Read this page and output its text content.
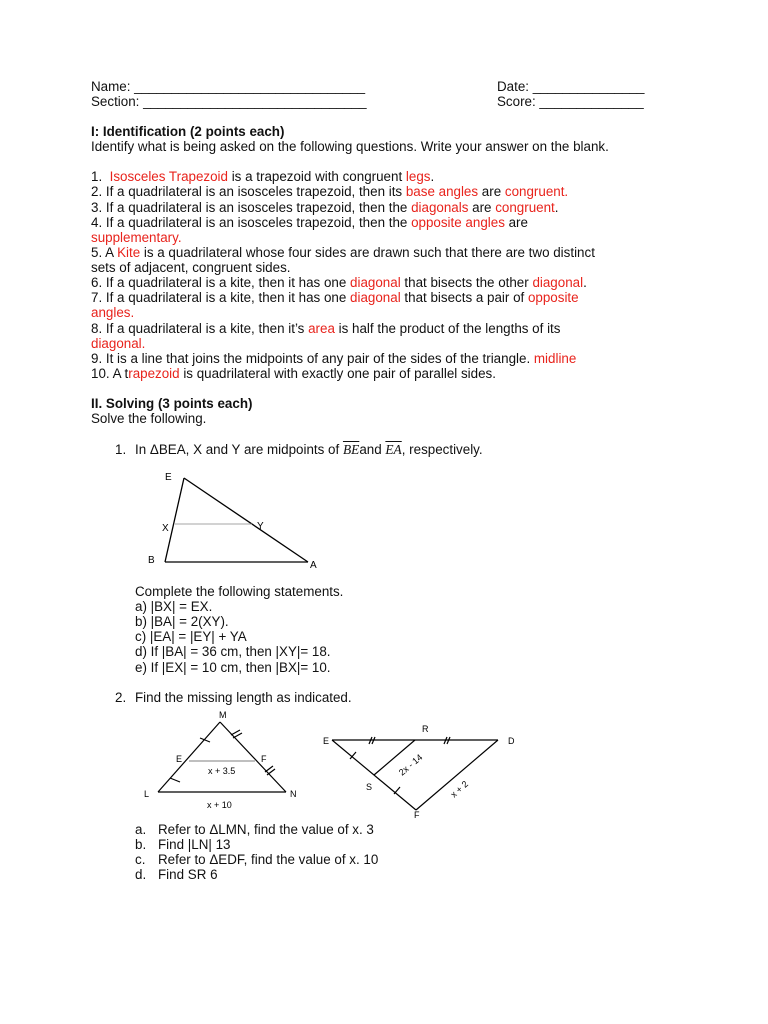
Name: _______________________________
Section: ______________________________
Date: _______________
Score: ______________
I: Identification (2 points each)
Identify what is being asked on the following questions. Write your answer on the blank.
1. Isosceles Trapezoid is a trapezoid with congruent legs.
2. If a quadrilateral is an isosceles trapezoid, then its base angles are congruent.
3. If a quadrilateral is an isosceles trapezoid, then the diagonals are congruent.
4. If a quadrilateral is an isosceles trapezoid, then the opposite angles are
supplementary.
5. A Kite is a quadrilateral whose four sides are drawn such that there are two distinct
sets of adjacent, congruent sides.
6. If a quadrilateral is a kite, then it has one diagonal that bisects the other diagonal.
7. If a quadrilateral is a kite, then it has one diagonal that bisects a pair of opposite
angles.
8. If a quadrilateral is a kite, then it’s area is half the product of the lengths of its
diagonal.
9. It is a line that joins the midpoints of any pair of the sides of the triangle. midline
10. A trapezoid is quadrilateral with exactly one pair of parallel sides.
II. Solving (3 points each)
Solve the following.
1. In ΔBEA, X and Y are midpoints of $\overline{BE}and$ $\overline{EA}$, respectively.
E
X	Y
B	A
Complete the following statements.
a) |BX| = EX.
b) |BA| = 2(XY).
c) |EA| = |EY| + YA
d) If |BA| = 36 cm, then |XY|= 18.
e) If |EX| = 10 cm, then |BX|= 10.
2. Find the missing length as indicated.
M
E	F
L	N
x + 3.5
x + 10
E
R
D
S
F
2x - 14
x + 2
a. Refer to ΔLMN, find the value of x. 3
b. Find |LN| 13
c. Refer to ΔEDF, find the value of x. 10
d. Find SR 6
